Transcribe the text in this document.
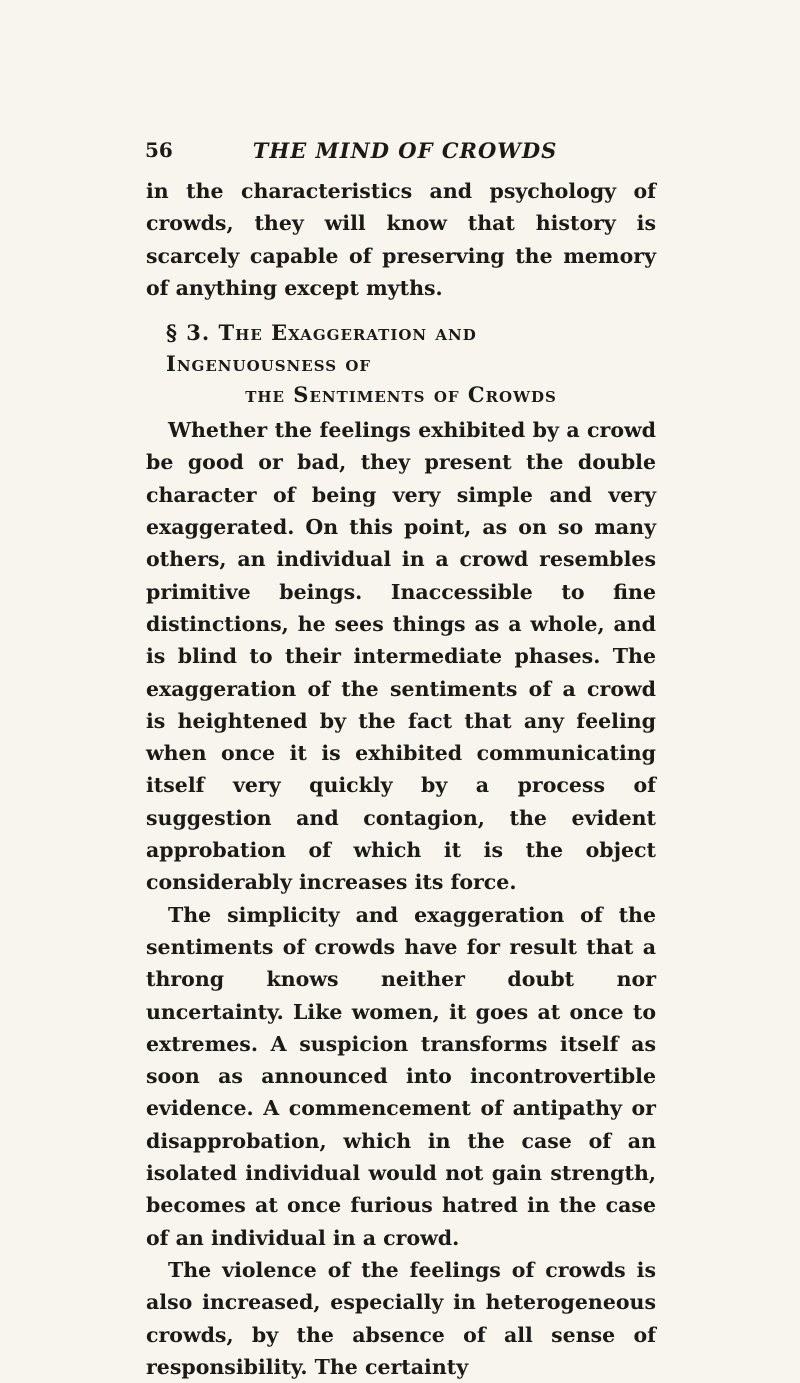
56	THE MIND OF CROWDS

in the characteristics and psychology of crowds, they will know that history is scarcely capable of preserving the memory of anything except myths.

§ 3. The Exaggeration and Ingenuousness of
the Sentiments of Crowds

Whether the feelings exhibited by a crowd be good or bad, they present the double character of being very simple and very exaggerated. On this point, as on so many others, an individual in a crowd resembles primitive beings. Inaccessible to fine distinctions, he sees things as a whole, and is blind to their intermediate phases. The exaggeration of the sentiments of a crowd is heightened by the fact that any feeling when once it is exhibited communicating itself very quickly by a process of suggestion and contagion, the evident approbation of which it is the object considerably increases its force.

The simplicity and exaggeration of the sentiments of crowds have for result that a throng knows neither doubt nor uncertainty. Like women, it goes at once to extremes. A suspicion transforms itself as soon as announced into incontrovertible evidence. A commencement of antipathy or disapprobation, which in the case of an isolated individual would not gain strength, becomes at once furious hatred in the case of an individual in a crowd.

The violence of the feelings of crowds is also increased, especially in heterogeneous crowds, by the absence of all sense of responsibility. The certainty
